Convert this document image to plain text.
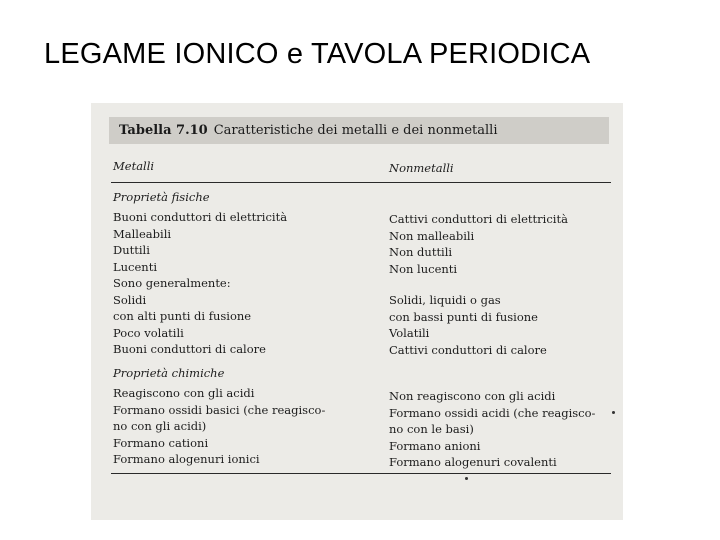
LEGAME IONICO e TAVOLA PERIODICA
Tabella 7.10 Caratteristiche dei metalli e dei nonmetalli
Metalli	Nonmetalli
Proprietà fisiche
Buoni conduttori di elettricità
Malleabili
Duttili
Lucenti
Cattivi conduttori di elettricità
Non malleabili
Non duttili
Non lucenti
Sono generalmente:
Solidi
con alti punti di fusione
Poco volatili
Buoni conduttori di calore
Solidi, liquidi o gas
con bassi punti di fusione
Volatili
Cattivi conduttori di calore
Proprietà chimiche
Reagiscono con gli acidi
Formano ossidi basici (che reagisco-
no con gli acidi)
Formano cationi
Formano alogenuri ionici
Non reagiscono con gli acidi
Formano ossidi acidi (che reagisco-
no con le basi)
Formano anioni
Formano alogenuri covalenti
